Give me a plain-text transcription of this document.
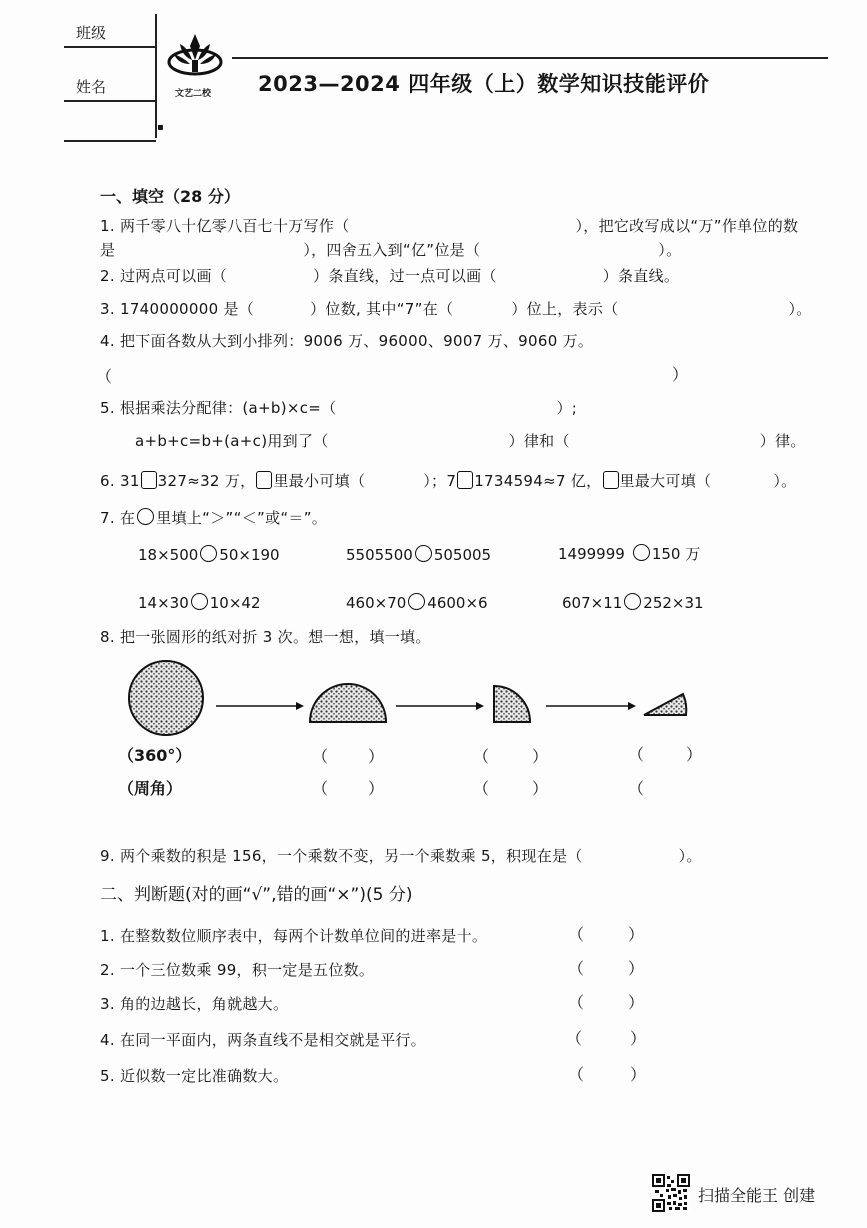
班级
姓名
▪
文艺二校 2023—2024 四年级（上）数学知识技能评价
一、填空（28 分）
1. 两千零八十亿零八百七十万写作（	），把它改写成以“万”作单位的数
是	），四舍五入到“亿”位是（	）。
2. 过两点可以画（	）条直线，过一点可以画（	）条直线。
3. 1740000000 是（	）位数, 其中“7”在（	）位上，表示（	）。
4. 把下面各数从大到小排列：9006 万、96000、9007 万、9060 万。
（	）
5. 根据乘法分配律：(a+b)×c=（	）;
a+b+c=b+(a+c)用到了（	）律和（	）律。
6. 31 327≈32 万， 里最小可填（	）；7 1734594≈7 亿， 里最大可填（	）。
7. 在 里填上“＞”“＜”或“＝”。
18×500 50×190	5505500 505005	1499999 150 万
14×30 10×42	460×70 4600×6	607×11 252×31
8. 把一张圆形的纸对折 3 次。想一想，填一填。
（360°）
（周角）
（ ）	（	）	（	）
（ ）	（	）	（
9. 两个乘数的积是 156，一个乘数不变，另一个乘数乘 5，积现在是（	）。
二、判断题(对的画“√”,错的画“×”)(5 分)
1. 在整数数位顺序表中，每两个计数单位间的进率是十。	（	）
2. 一个三位数乘 99，积一定是五位数。	（	）
3. 角的边越长，角就越大。	（	）
4. 在同一平面内，两条直线不是相交就是平行。	（	）
5. 近似数一定比准确数大。	（	）
扫描全能王 创建
